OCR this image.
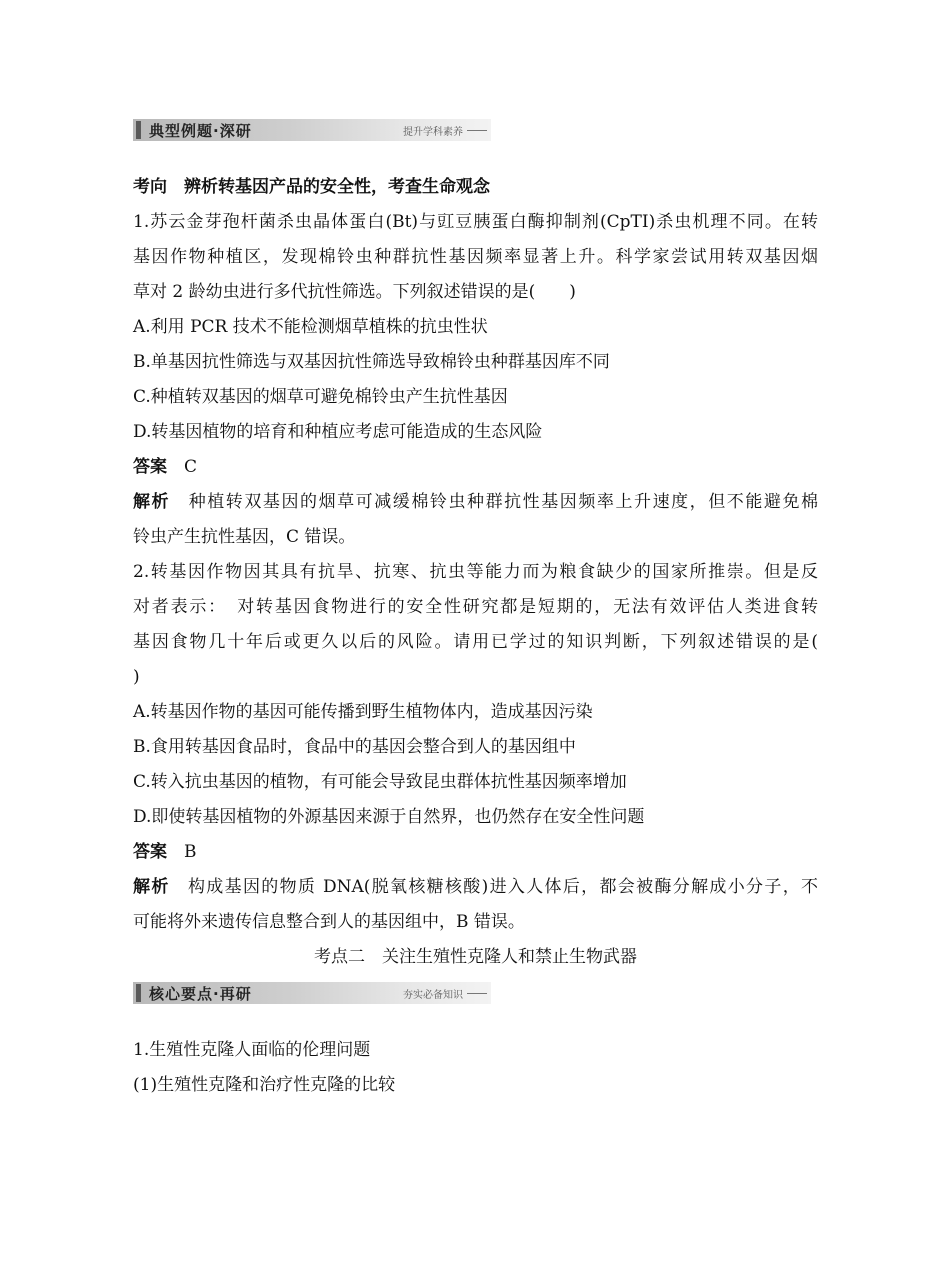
典型例题·深研	提升学科素养
考向　 辨析转基因产品的安全性，考查生命观念
1.苏云金芽孢杆菌杀虫晶体蛋白(Bt)与豇豆胰蛋白酶抑制剂(CpTI)杀虫机理不同。在转
基因作物种植区，发现棉铃虫种群抗性基因频率显著上升。科学家尝试用转双基因烟
草对 2 龄幼虫进行多代抗性筛选。下列叙述错误的是(　　)
A.利用 PCR 技术不能检测烟草植株的抗虫性状
B.单基因抗性筛选与双基因抗性筛选导致棉铃虫种群基因库不同
C.种植转双基因的烟草可避免棉铃虫产生抗性基因
D.转基因植物的培育和种植应考虑可能造成的生态风险
答案　 C
解析　 种植转双基因的烟草可减缓棉铃虫种群抗性基因频率上升速度，但不能避免棉
铃虫产生抗性基因，C 错误。
2.转基因作物因其具有抗旱、抗寒、抗虫等能力而为粮食缺少的国家所推崇。但是反
对者表示：　对转基因食物进行的安全性研究都是短期的，无法有效评估人类进食转
基因食物几十年后或更久以后的风险。请用已学过的知识判断，下列叙述错误的是(
)
A.转基因作物的基因可能传播到野生植物体内，造成基因污染
B.食用转基因食品时，食品中的基因会整合到人的基因组中
C.转入抗虫基因的植物，有可能会导致昆虫群体抗性基因频率增加
D.即使转基因植物的外源基因来源于自然界，也仍然存在安全性问题
答案　 B
解析　 构成基因的物质 DNA(脱氧核糖核酸)进入人体后，都会被酶分解成小分子，不
可能将外来遗传信息整合到人的基因组中，B 错误。
考点二　关注生殖性克隆人和禁止生物武器
核心要点·再研	夯实必备知识
1.生殖性克隆人面临的伦理问题
(1)生殖性克隆和治疗性克隆的比较
